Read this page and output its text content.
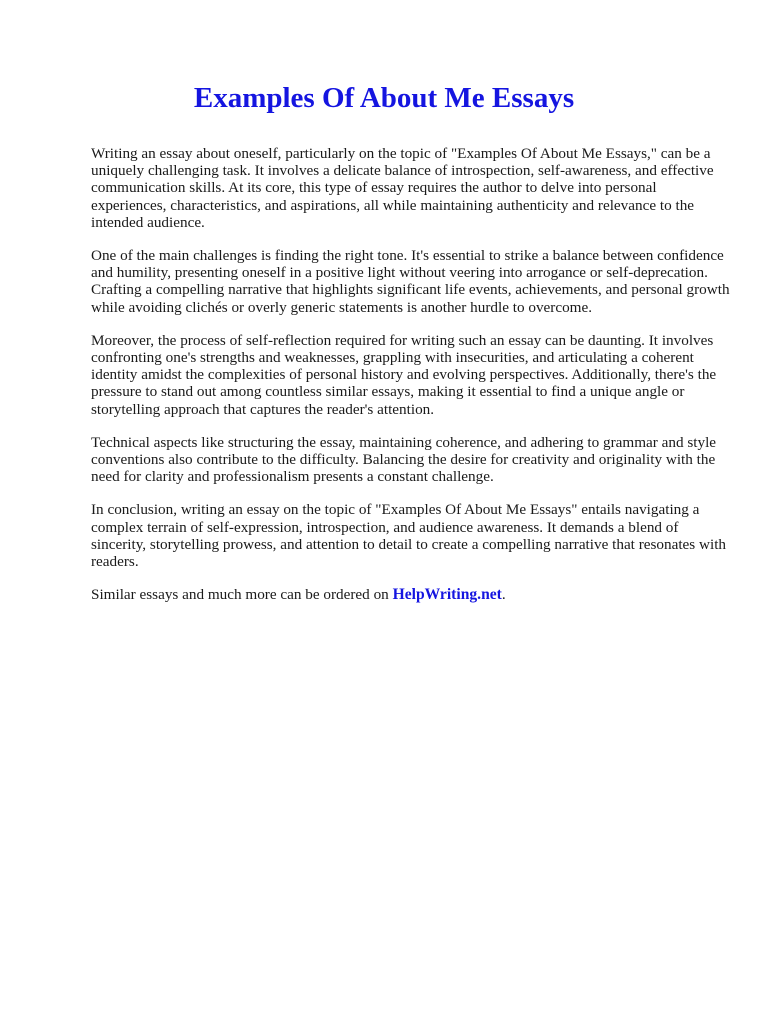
Examples Of About Me Essays

Writing an essay about oneself, particularly on the topic of "Examples Of About Me Essays," can be a uniquely challenging task. It involves a delicate balance of introspection, self-awareness, and effective communication skills. At its core, this type of essay requires the author to delve into personal experiences, characteristics, and aspirations, all while maintaining authenticity and relevance to the intended audience.

One of the main challenges is finding the right tone. It's essential to strike a balance between confidence and humility, presenting oneself in a positive light without veering into arrogance or self-deprecation. Crafting a compelling narrative that highlights significant life events, achievements, and personal growth while avoiding clichés or overly generic statements is another hurdle to overcome.

Moreover, the process of self-reflection required for writing such an essay can be daunting. It involves confronting one's strengths and weaknesses, grappling with insecurities, and articulating a coherent identity amidst the complexities of personal history and evolving perspectives. Additionally, there's the pressure to stand out among countless similar essays, making it essential to find a unique angle or storytelling approach that captures the reader's attention.

Technical aspects like structuring the essay, maintaining coherence, and adhering to grammar and style conventions also contribute to the difficulty. Balancing the desire for creativity and originality with the need for clarity and professionalism presents a constant challenge.

In conclusion, writing an essay on the topic of "Examples Of About Me Essays" entails navigating a complex terrain of self-expression, introspection, and audience awareness. It demands a blend of sincerity, storytelling prowess, and attention to detail to create a compelling narrative that resonates with readers.

Similar essays and much more can be ordered on HelpWriting.net.
